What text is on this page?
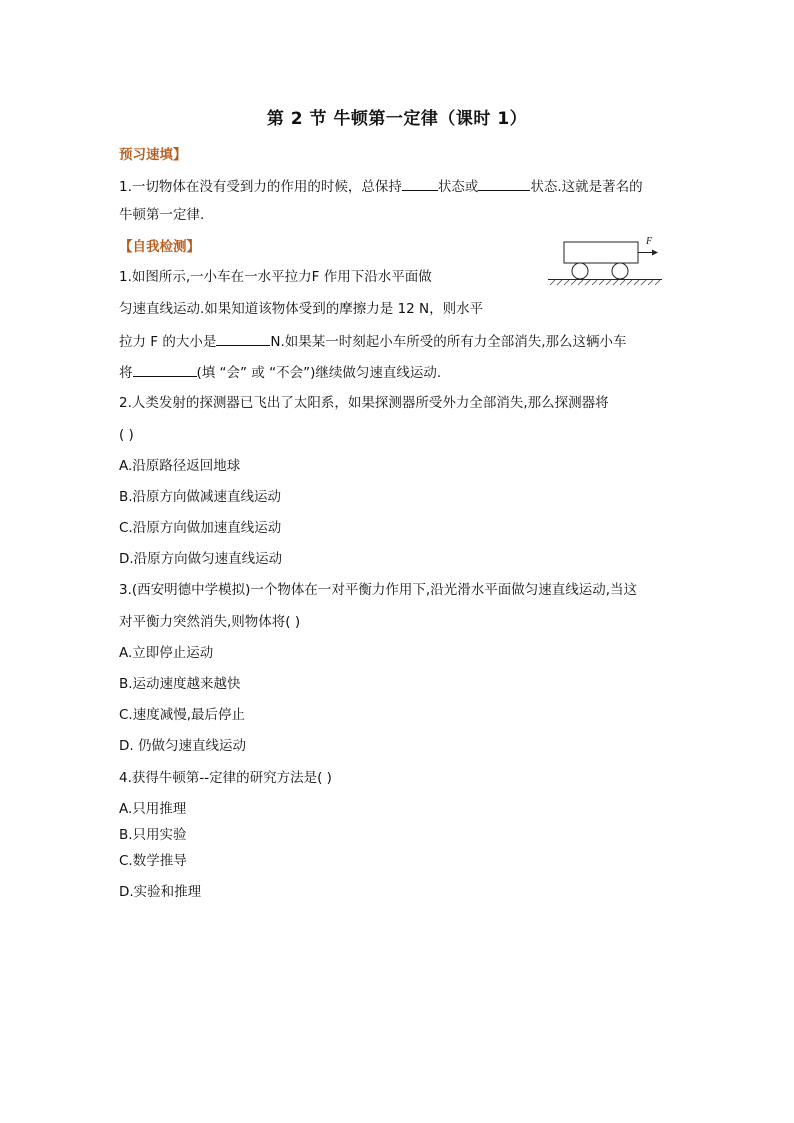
第 2 节 牛顿第一定律（课时 1）
预习速填】
1.一切物体在没有受到力的作用的时候，总保持	状态或	状态.这就是著名的
牛顿第一定律.
【自我检测】	F
1.如图所示,一小车在一水平拉力F 作用下沿水平面做
匀速直线运动.如果知道该物体受到的摩擦力是 12 N，则水平
拉力 F 的大小是	N.如果某一时刻起小车所受的所有力全部消失,那么这辆小车
将	(填 “会” 或 “不会”)继续做匀速直线运动.
2.人类发射的探测器已飞出了太阳系，如果探测器所受外力全部消失,那么探测器将
( )
A.沿原路径返回地球
B.沿原方向做减速直线运动
C.沿原方向做加速直线运动
D.沿原方向做匀速直线运动
3.(西安明德中学模拟)一个物体在一对平衡力作用下,沿光滑水平面做匀速直线运动,当这
对平衡力突然消失,则物体将( )
A.立即停止运动
B.运动速度越来越快
C.速度减慢,最后停止
D. 仍做匀速直线运动
4.获得牛顿第--定律的研究方法是( )
A.只用推理
B.只用实验
C.数学推导
D.实验和推理
